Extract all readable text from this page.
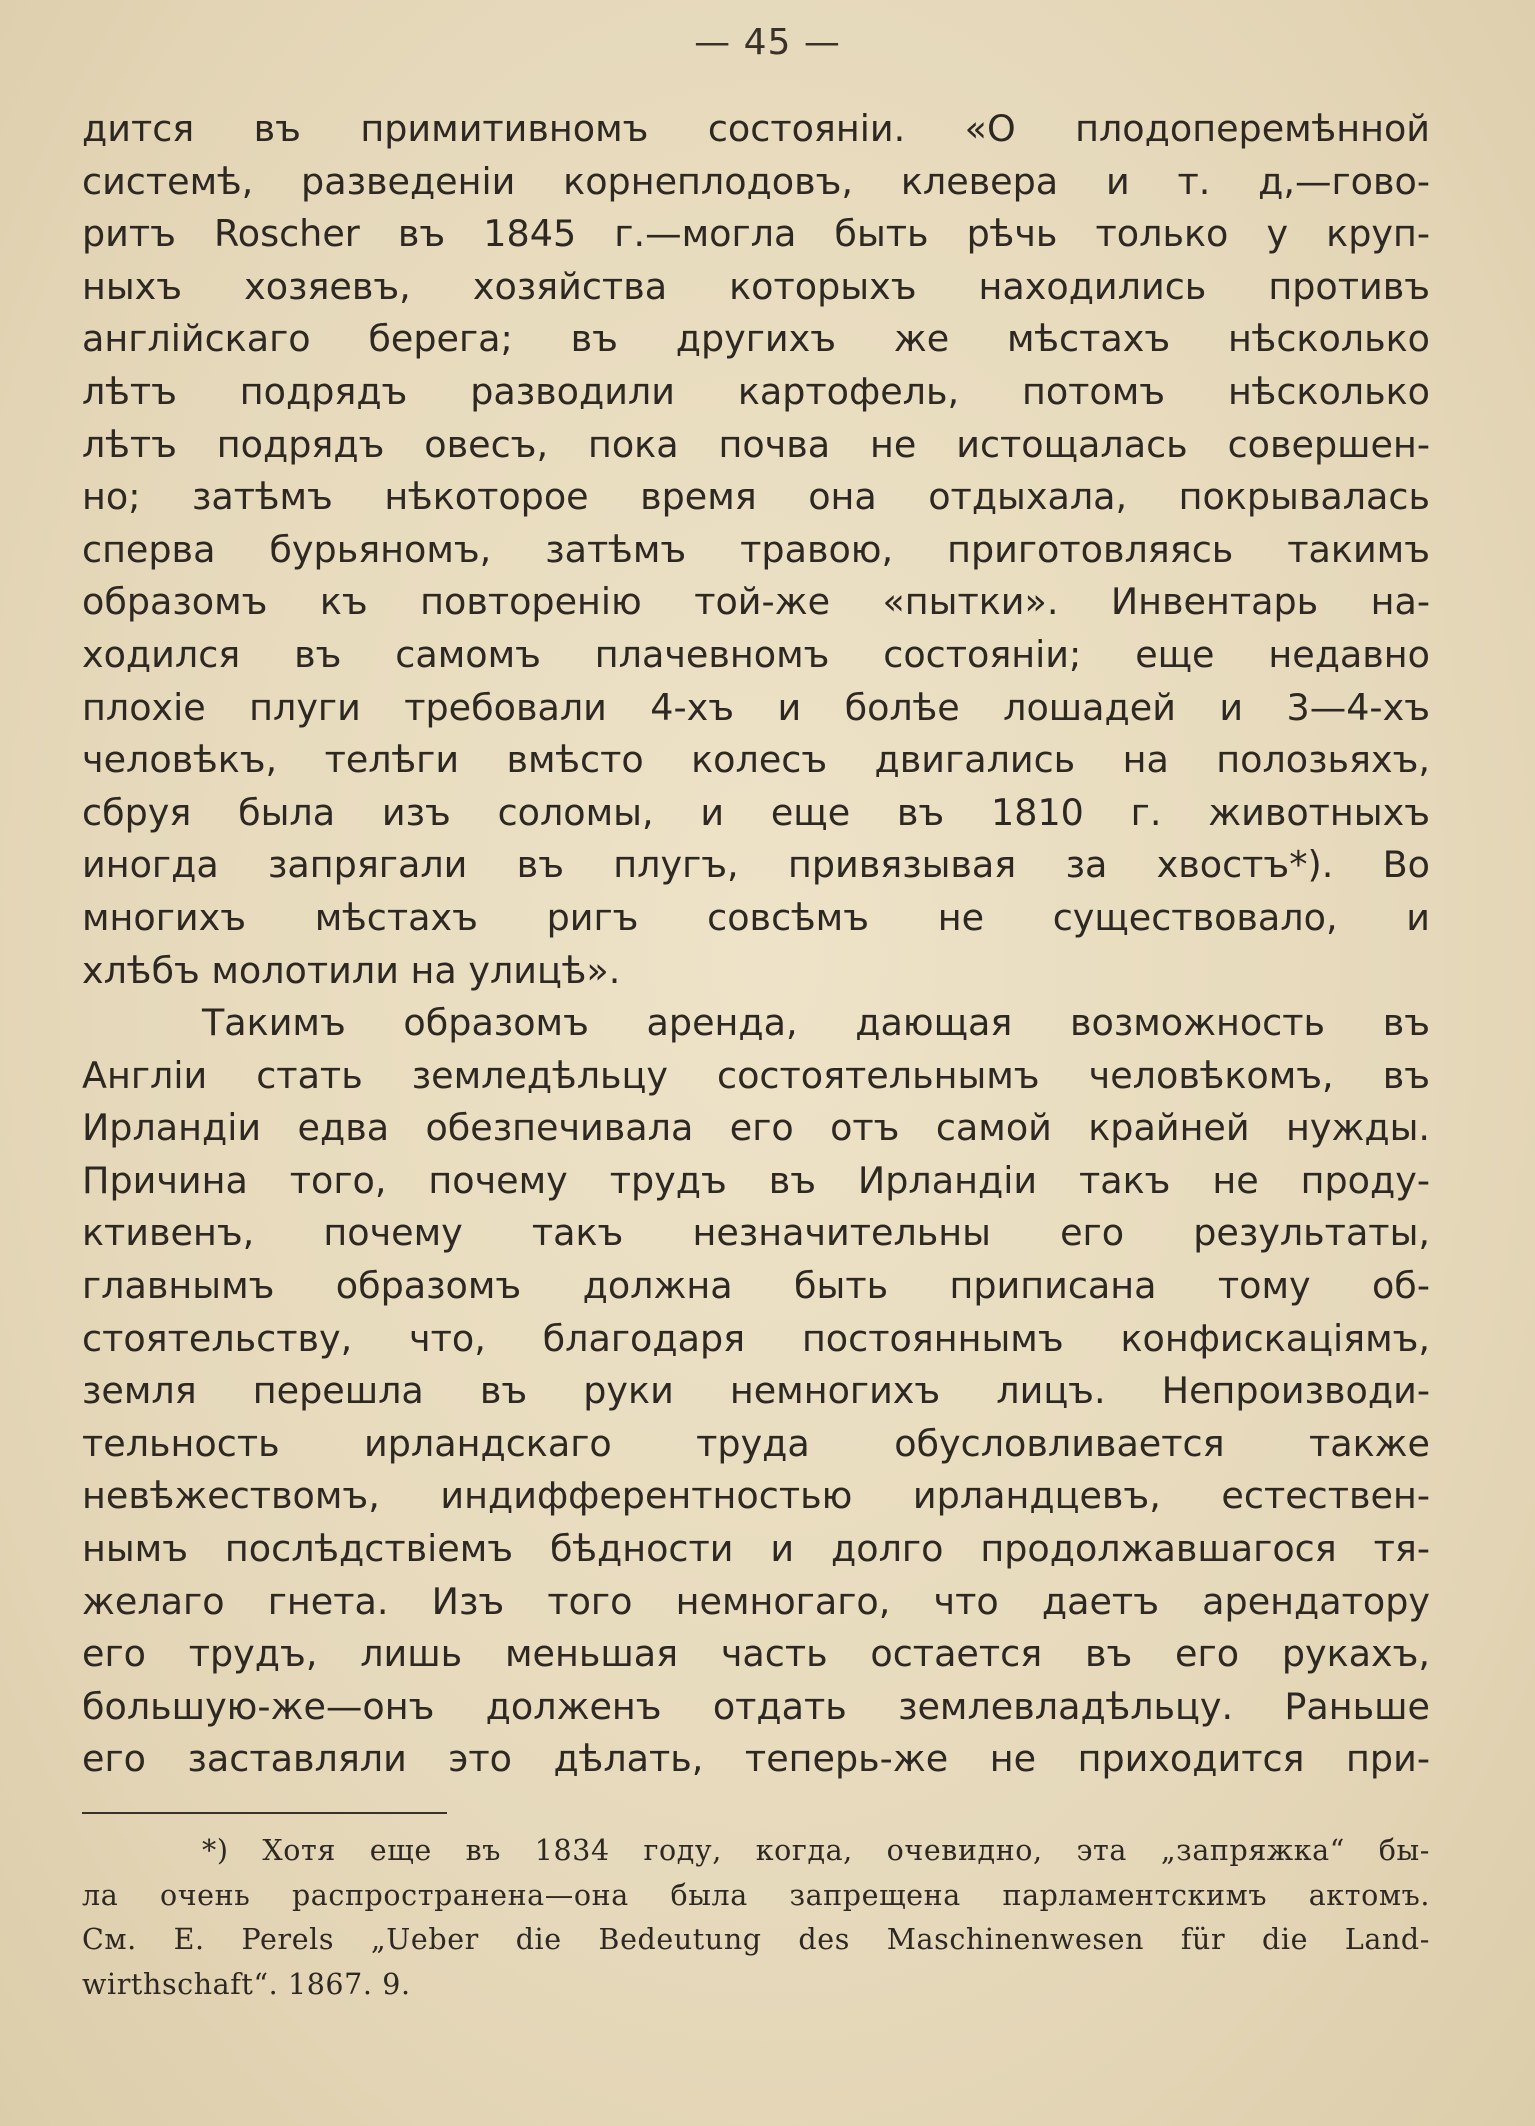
— 45 —
дится въ примитивномъ состоянiи. «О плодоперемѣнной
системѣ, разведенiи корнеплодовъ, клевера и т. д,—гово-
ритъ Roscher въ 1845 г.—могла быть рѣчь только у круп-
ныхъ хозяевъ, хозяйства которыхъ находились противъ
англiйскаго берега; въ другихъ же мѣстахъ нѣсколько
лѣтъ подрядъ разводили картофель, потомъ нѣсколько
лѣтъ подрядъ овесъ, пока почва не истощалась совершен-
но; затѣмъ нѣкоторое время она отдыхала, покрывалась
сперва бурьяномъ, затѣмъ травою, приготовляясь такимъ
образомъ къ повторенiю той-же «пытки». Инвентарь на-
ходился въ самомъ плачевномъ состоянiи; еще недавно
плохiе плуги требовали 4-хъ и болѣе лошадей и 3—4-хъ
человѣкъ, телѣги вмѣсто колесъ двигались на полозьяхъ,
сбруя была изъ соломы, и еще въ 1810 г. животныхъ
иногда запрягали въ плугъ, привязывая за хвостъ*). Во
многихъ мѣстахъ ригъ совсѣмъ не существовало, и
хлѣбъ молотили на улицѣ».
Такимъ образомъ аренда, дающая возможность въ
Англiи стать земледѣльцу состоятельнымъ человѣкомъ, въ
Ирландiи едва обезпечивала его отъ самой крайней нужды.
Причина того, почему трудъ въ Ирландiи такъ не проду-
ктивенъ, почему такъ незначительны его результаты,
главнымъ образомъ должна быть приписана тому об-
стоятельству, что, благодаря постояннымъ конфискацiямъ,
земля перешла въ руки немногихъ лицъ. Непроизводи-
тельность ирландскаго труда обусловливается также
невѣжествомъ, индифферентностью ирландцевъ, естествен-
нымъ послѣдствiемъ бѣдности и долго продолжавшагося тя-
желаго гнета. Изъ того немногаго, что даетъ арендатору
его трудъ, лишь меньшая часть остается въ его рукахъ,
большую-же—онъ долженъ отдать землевладѣльцу. Раньше
его заставляли это дѣлать, теперь-же не приходится при-
*) Хотя еще въ 1834 году, когда, очевидно, эта „запряжка“ бы-
ла очень распространена—она была запрещена парламентскимъ актомъ.
См. E. Perels „Ueber die Bedeutung des Maschinenwesen für die Land-
wirthschaft“. 1867. 9.
